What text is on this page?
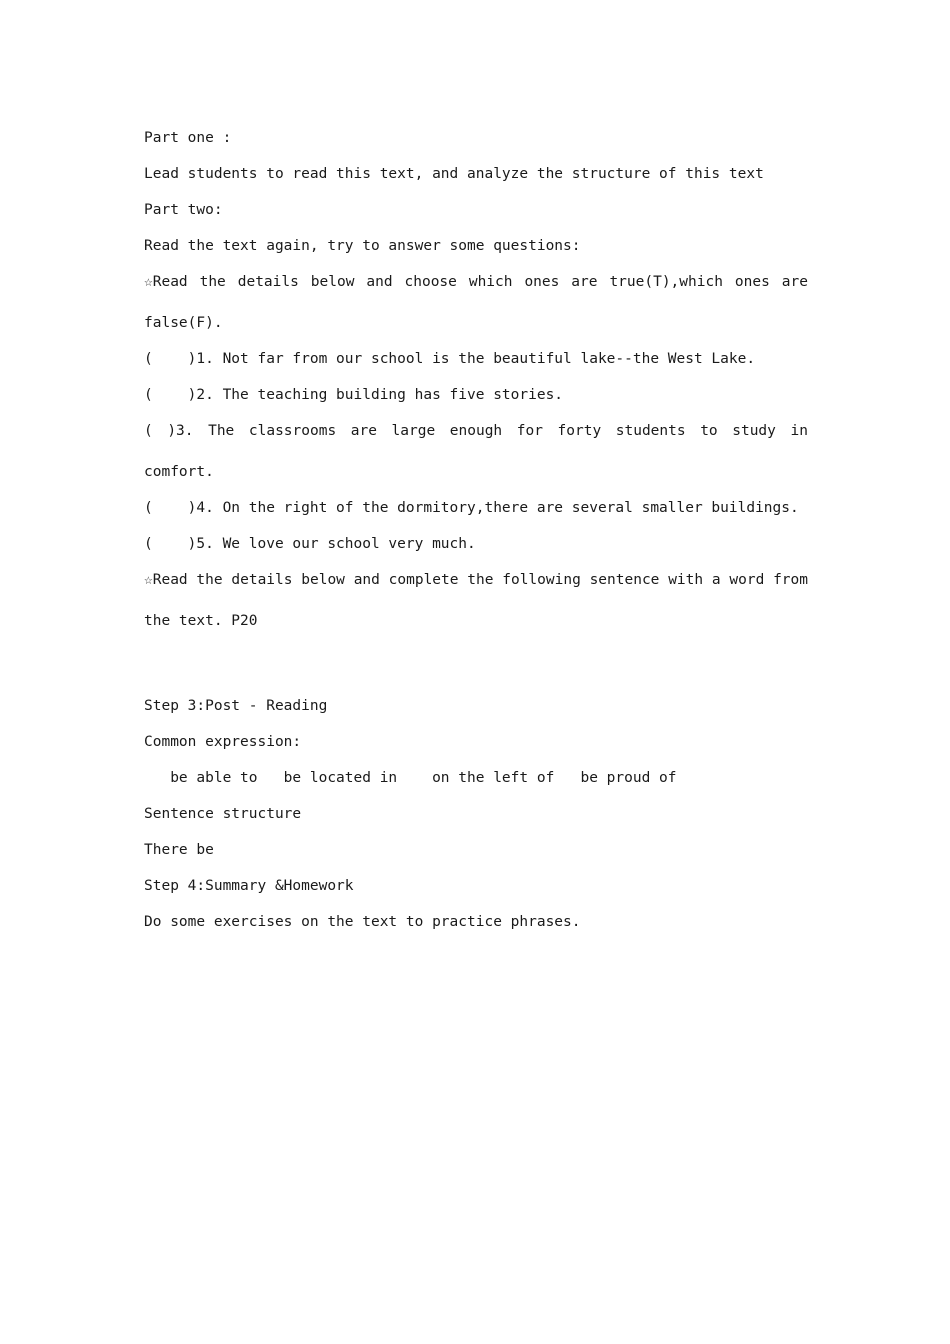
Part one :
Lead students to read this text, and analyze the structure of this text
Part two:
Read the text again, try to answer some questions:
☆Read the details below and choose which ones are true(T),which ones are
false(F).
(    )1. Not far from our school is the beautiful lake--the West Lake.
(    )2. The teaching building has five stories.
( )3. The classrooms are large enough for forty students to study in
comfort.
(    )4. On the right of the dormitory,there are several smaller buildings.
(    )5. We love our school very much.
☆Read the details below and complete the following sentence with a word from
the text. P20
Step 3:Post - Reading
Common expression:
be able to   be located in    on the left of   be proud of
Sentence structure
There be
Step 4:Summary &Homework
Do some exercises on the text to practice phrases.
